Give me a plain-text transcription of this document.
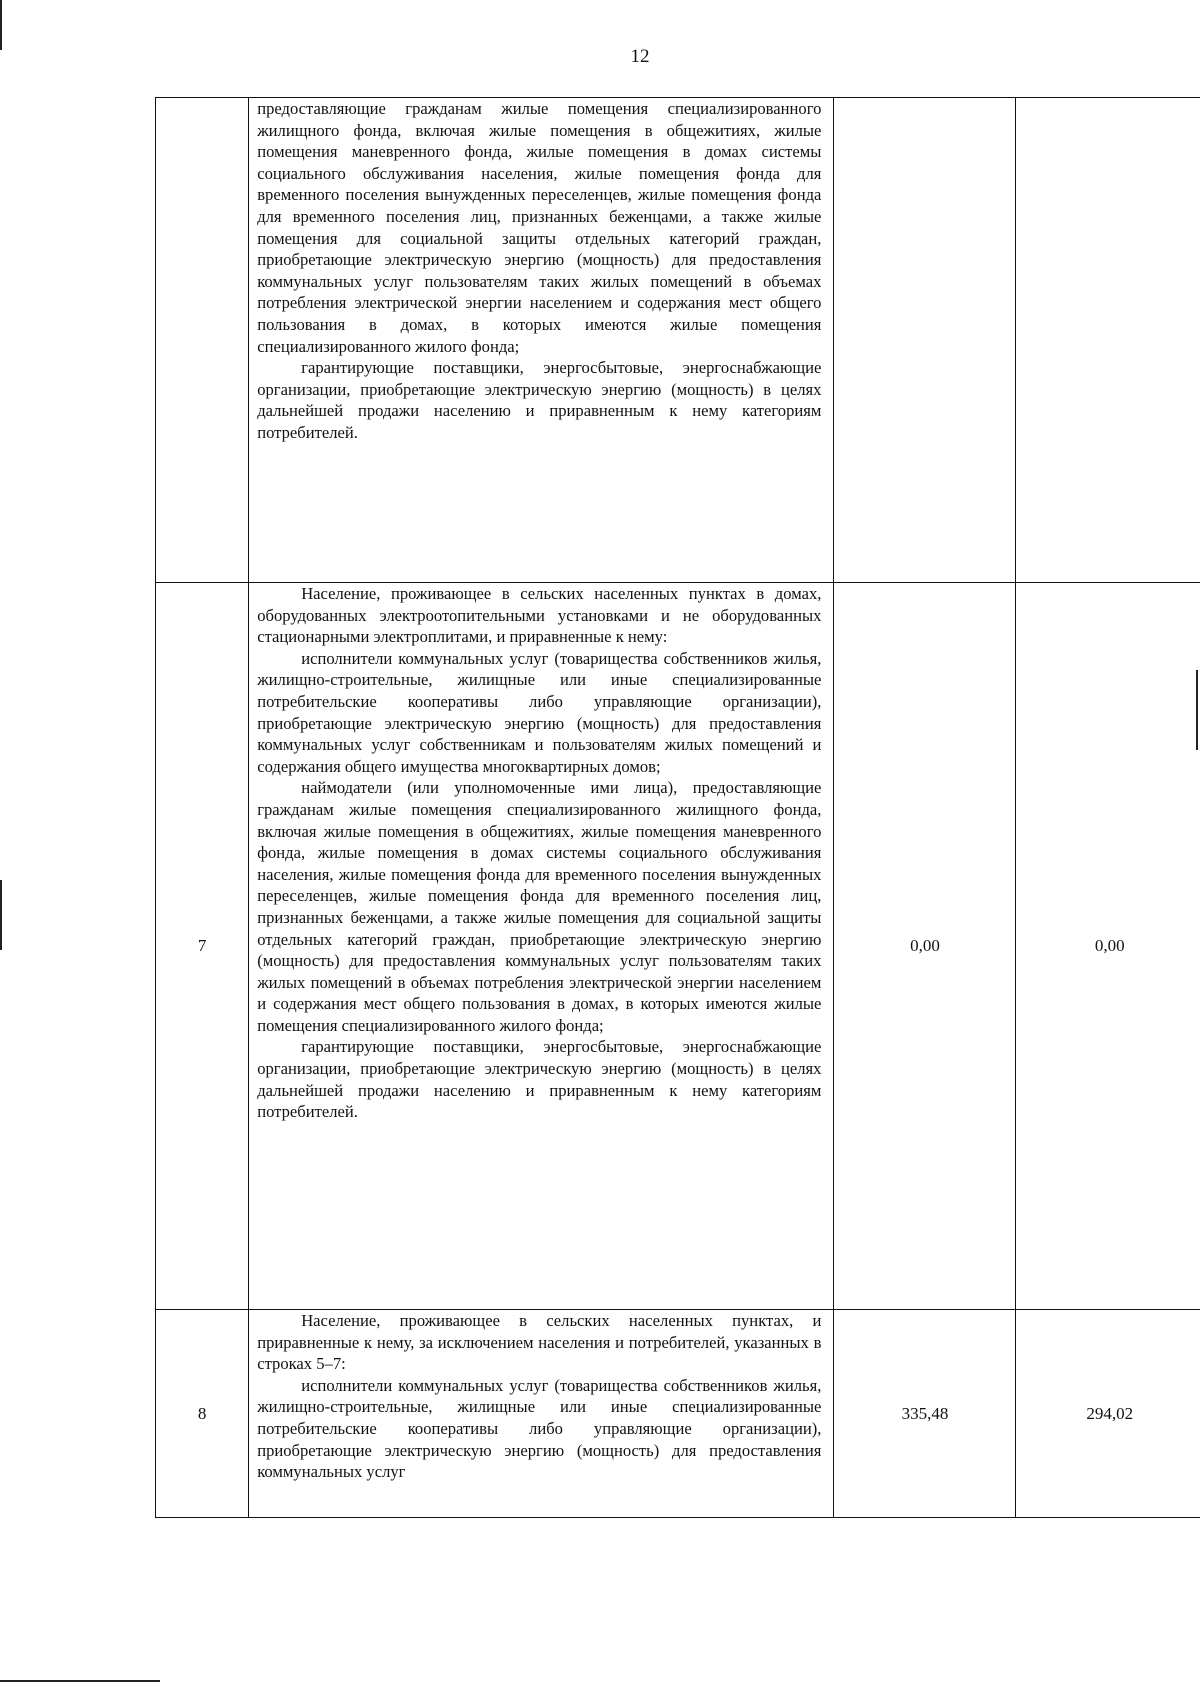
12

	предоставляющие гражданам жилые помещения специализированного жилищного фонда, включая жилые помещения в общежитиях, жилые помещения маневренного фонда, жилые помещения в домах системы социального обслуживания населения, жилые помещения фонда для временного поселения вынужденных переселенцев, жилые помещения фонда для временного поселения лиц, признанных беженцами, а также жилые помещения для социальной защиты отдельных категорий граждан, приобретающие электрическую энергию (мощность) для предоставления коммунальных услуг пользователям таких жилых помещений в объемах потребления электрической энергии населением и содержания мест общего пользования в домах, в которых имеются жилые помещения специализированного жилого фонда;

гарантирующие поставщики, энергосбытовые, энергоснабжающие организации, приобретающие электрическую энергию (мощность) в целях дальнейшей продажи населению и приравненным к нему категориям потребителей.		

7	Население, проживающее в сельских населенных пунктах в домах, оборудованных электроотопительными установками и не оборудованных стационарными электроплитами, и приравненные к нему:

исполнители коммунальных услуг (товарищества собственников жилья, жилищно-строительные, жилищные или иные специализированные потребительские кооперативы либо управляющие организации), приобретающие электрическую энергию (мощность) для предоставления коммунальных услуг собственникам и пользователям жилых помещений и содержания общего имущества многоквартирных домов;

наймодатели (или уполномоченные ими лица), предоставляющие гражданам жилые помещения специализированного жилищного фонда, включая жилые помещения в общежитиях, жилые помещения маневренного фонда, жилые помещения в домах системы социального обслуживания населения, жилые помещения фонда для временного поселения вынужденных переселенцев, жилые помещения фонда для временного поселения лиц, признанных беженцами, а также жилые помещения для социальной защиты отдельных категорий граждан, приобретающие электрическую энергию (мощность) для предоставления коммунальных услуг пользователям таких жилых помещений в объемах потребления электрической энергии населением и содержания мест общего пользования в домах, в которых имеются жилые помещения специализированного жилого фонда;

гарантирующие поставщики, энергосбытовые, энергоснабжающие организации, приобретающие электрическую энергию (мощность) в целях дальнейшей продажи населению и приравненным к нему категориям потребителей.	0,00	0,00
8	Население, проживающее в сельских населенных пунктах, и приравненные к нему, за исключением населения и потребителей, указанных в строках 5–7:

исполнители коммунальных услуг (товарищества собственников жилья, жилищно-строительные, жилищные или иные специализированные потребительские кооперативы либо управляющие организации), приобретающие электрическую энергию (мощность) для предоставления коммунальных услуг	335,48	294,02
